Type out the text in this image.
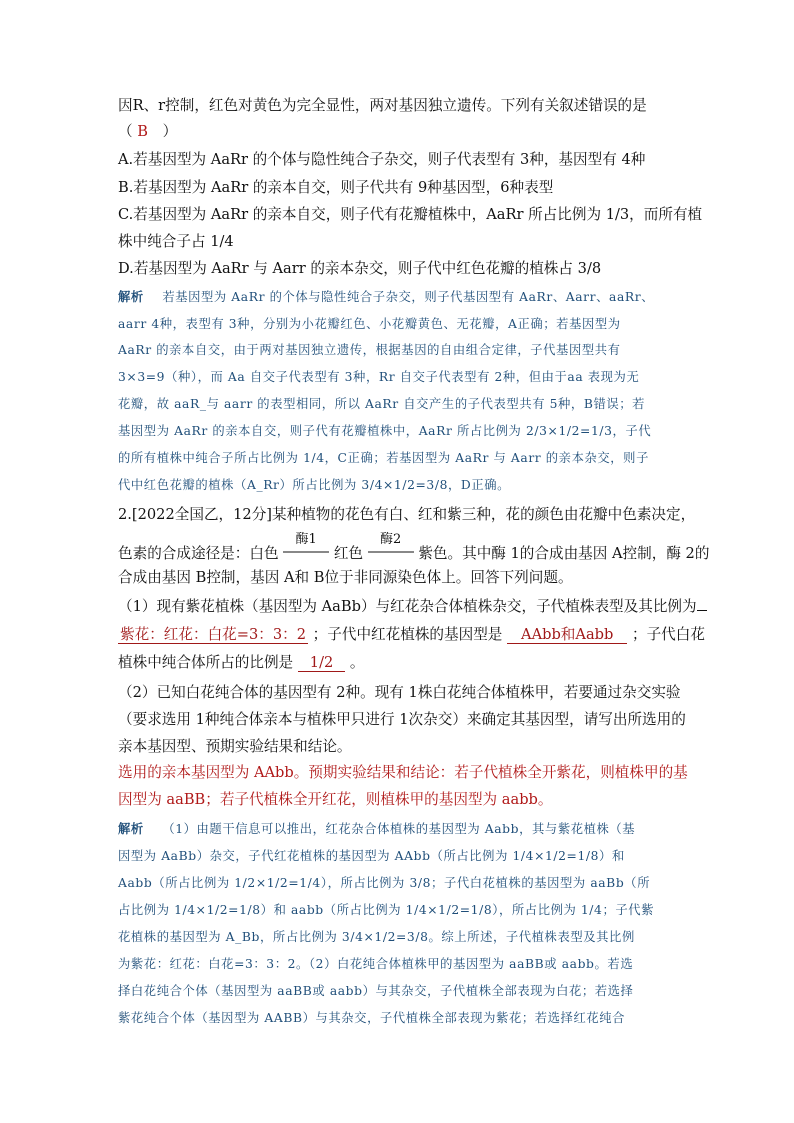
因R、r控制，红色对黄色为完全显性，两对基因独立遗传。下列有关叙述错误的是
（ B ）
A.若基因型为 AaRr 的个体与隐性纯合子杂交，则子代表型有 3种，基因型有 4种
B.若基因型为 AaRr 的亲本自交，则子代共有 9种基因型，6种表型
C.若基因型为 AaRr 的亲本自交，则子代有花瓣植株中，AaRr 所占比例为 1/3，而所有植
株中纯合子占 1/4
D.若基因型为 AaRr 与 Aarr 的亲本杂交，则子代中红色花瓣的植株占 3/8
解析 若基因型为 AaRr 的个体与隐性纯合子杂交，则子代基因型有 AaRr、Aarr、aaRr、
aarr 4种，表型有 3种，分别为小花瓣红色、小花瓣黄色、无花瓣，A正确；若基因型为
AaRr 的亲本自交，由于两对基因独立遗传，根据基因的自由组合定律，子代基因型共有
3×3=9（种），而 Aa 自交子代表型有 3种，Rr 自交子代表型有 2种，但由于aa 表现为无
花瓣，故 aaR_与 aarr 的表型相同，所以 AaRr 自交产生的子代表型共有 5种，B错误；若
基因型为 AaRr 的亲本自交，则子代有花瓣植株中，AaRr 所占比例为 2/3×1/2=1/3，子代
的所有植株中纯合子所占比例为 1/4，C正确；若基因型为 AaRr 与 Aarr 的亲本杂交，则子
代中红色花瓣的植株（A_Rr）所占比例为 3/4×1/2=3/8，D正确。
2.[2022全国乙，12分]某种植物的花色有白、红和紫三种，花的颜色由花瓣中色素决定，
色素的合成途径是：白色
酶1
红色
酶2
紫色。其中酶 1的合成由基因 A控制，酶 2的
合成由基因 B控制，基因 A和 B位于非同源染色体上。回答下列问题。
（1）现有紫花植株（基因型为 AaBb）与红花杂合体植株杂交，子代植株表型及其比例为
紫花：红花：白花=3：3：2 ；子代中红花植株的基因型是 AAbb和Aabb ；子代白花
植株中纯合体所占的比例是 1/2 。
（2）已知白花纯合体的基因型有 2种。现有 1株白花纯合体植株甲，若要通过杂交实验
（要求选用 1种纯合体亲本与植株甲只进行 1次杂交）来确定其基因型，请写出所选用的
亲本基因型、预期实验结果和结论。
选用的亲本基因型为 AAbb。预期实验结果和结论：若子代植株全开紫花，则植株甲的基
因型为 aaBB；若子代植株全开红花，则植株甲的基因型为 aabb。
解析 （1）由题干信息可以推出，红花杂合体植株的基因型为 Aabb，其与紫花植株（基
因型为 AaBb）杂交，子代红花植株的基因型为 AAbb（所占比例为 1/4×1/2=1/8）和
Aabb（所占比例为 1/2×1/2=1/4），所占比例为 3/8；子代白花植株的基因型为 aaBb（所
占比例为 1/4×1/2=1/8）和 aabb（所占比例为 1/4×1/2=1/8），所占比例为 1/4；子代紫
花植株的基因型为 A_Bb，所占比例为 3/4×1/2=3/8。综上所述，子代植株表型及其比例
为紫花：红花：白花=3：3：2。（2）白花纯合体植株甲的基因型为 aaBB或 aabb。若选
择白花纯合个体（基因型为 aaBB或 aabb）与其杂交，子代植株全部表现为白花；若选择
紫花纯合个体（基因型为 AABB）与其杂交，子代植株全部表现为紫花；若选择红花纯合
